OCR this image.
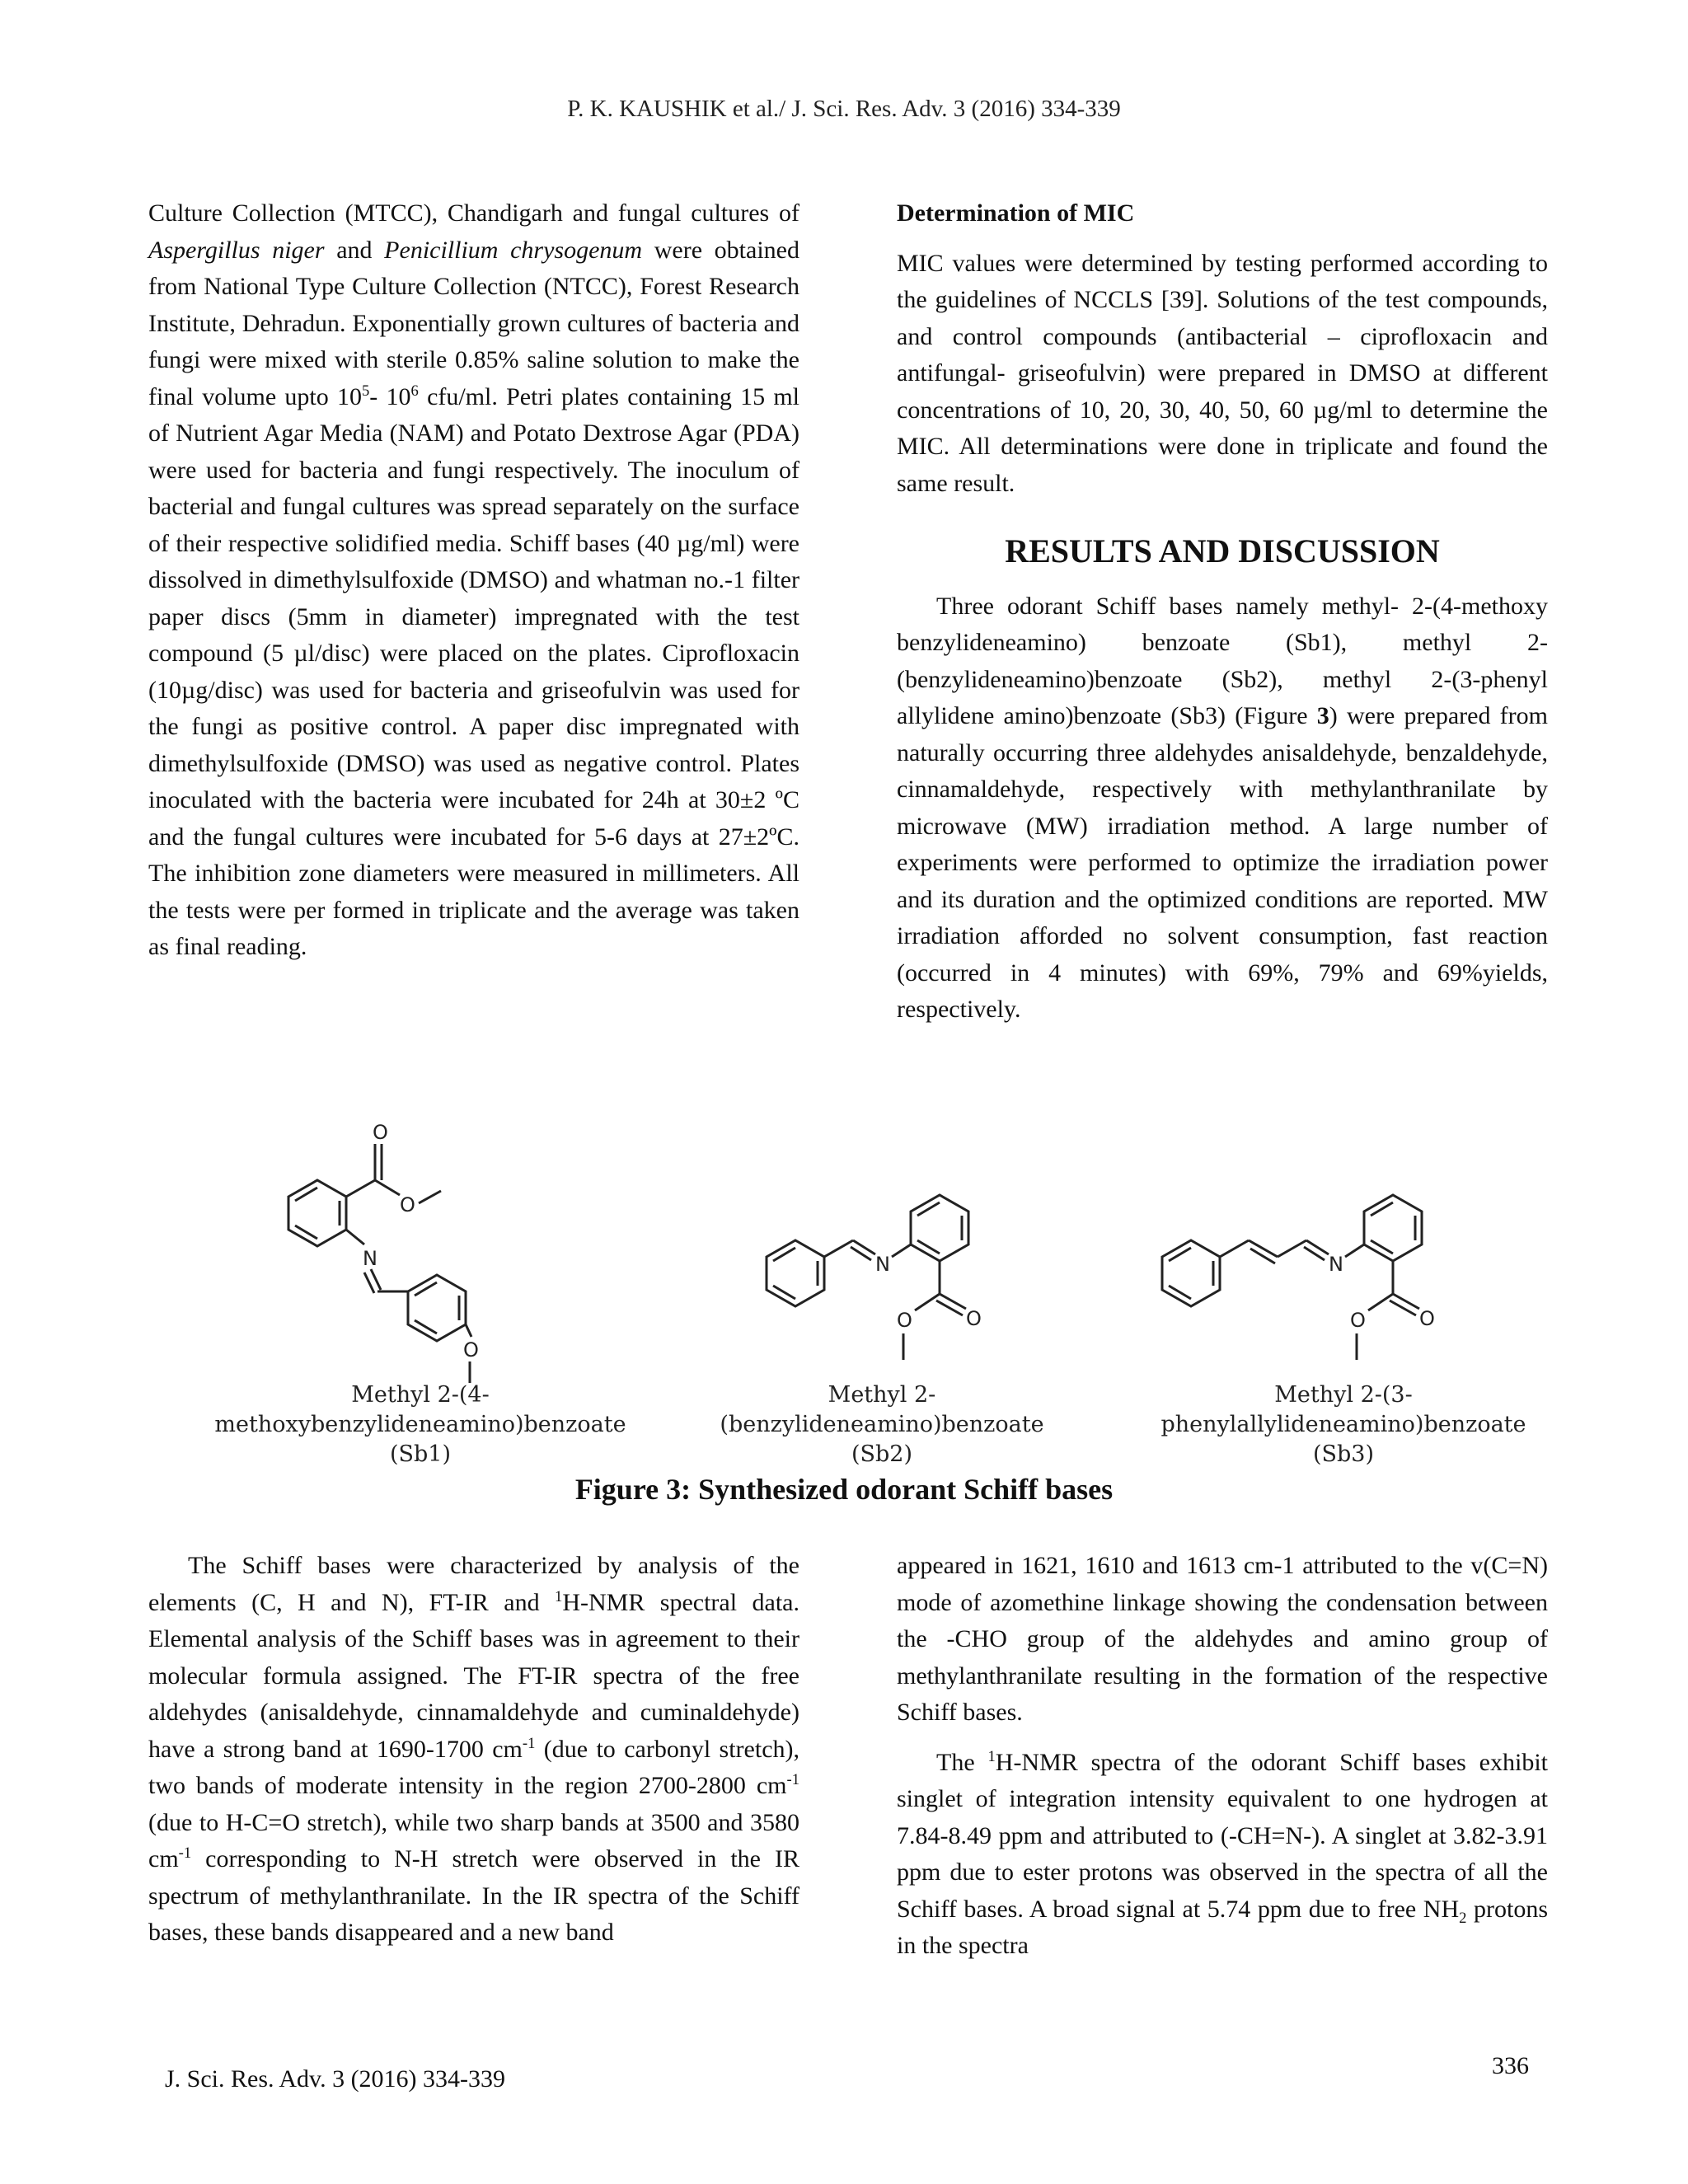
P. K. KAUSHIK et al./ J. Sci. Res. Adv. 3 (2016) 334-339

Culture Collection (MTCC), Chandigarh and fungal cultures of Aspergillus niger and Penicillium chrysogenum were obtained from National Type Culture Collection (NTCC), Forest Research Institute, Dehradun. Exponentially grown cultures of bacteria and fungi were mixed with sterile 0.85% saline solution to make the final volume upto $10^5-$ $10^6$ cfu/ml. Petri plates containing 15 ml of Nutrient Agar Media (NAM) and Potato Dextrose Agar (PDA) were used for bacteria and fungi respectively. The inoculum of bacterial and fungal cultures was spread separately on the surface of their respective solidified media. Schiff bases (40 µg/ml) were dissolved in dimethylsulfoxide (DMSO) and whatman no.-1 filter paper discs (5mm in diameter) impregnated with the test compound (5 µl/disc) were placed on the plates. Ciprofloxacin (10µg/disc) was used for bacteria and griseofulvin was used for the fungi as positive control. A paper disc impregnated with dimethylsulfoxide (DMSO) was used as negative control. Plates inoculated with the bacteria were incubated for 24h at 30±2 ºC and the fungal cultures were incubated for 5-6 days at 27±2ºC. The inhibition zone diameters were measured in millimeters. All the tests were per formed in triplicate and the average was taken as final reading.

Determination of MIC

MIC values were determined by testing performed according to the guidelines of NCCLS [39]. Solutions of the test compounds, and control compounds (antibacterial – ciprofloxacin and antifungal- griseofulvin) were prepared in DMSO at different concentrations of 10, 20, 30, 40, 50, 60 µg/ml to determine the MIC. All determinations were done in triplicate and found the same result.

RESULTS AND DISCUSSION

Three odorant Schiff bases namely methyl- 2-(4-methoxy benzylideneamino) benzoate (Sb1), methyl 2-(benzylideneamino)benzoate (Sb2), methyl 2-(3-phenyl allylidene amino)benzoate (Sb3) (Figure 3) were prepared from naturally occurring three aldehydes anisaldehyde, benzaldehyde, cinnamaldehyde, respectively with methylanthranilate by microwave (MW) irradiation method. A large number of experiments were performed to optimize the irradiation power and its duration and the optimized conditions are reported. MW irradiation afforded no solvent consumption, fast reaction (occurred in 4 minutes) with 69%, 79% and 69%yields, respectively.

O
O
N
O
Methyl 2-(4-methoxybenzylideneamino)benzoate
(Sb1)
N
O	O
Methyl 2-(benzylideneamino)benzoate
(Sb2)
N
O	O
Methyl 2-(3-phenylallylideneamino)benzoate
(Sb3)
Figure 3: Synthesized odorant Schiff bases

The Schiff bases were characterized by analysis of the elements (C, H and N), FT-IR and $^1$H-NMR spectral data. Elemental analysis of the Schiff bases was in agreement to their molecular formula assigned. The FT-IR spectra of the free aldehydes (anisaldehyde, cinnamaldehyde and cuminaldehyde) have a strong band at 1690-1700 $cm^{-1}$ (due to carbonyl stretch), two bands of moderate intensity in the region 2700-2800 $cm^{-1}$ (due to H-C=O stretch), while two sharp bands at 3500 and 3580 $cm^{-1}$ corresponding to N-H stretch were observed in the IR spectrum of methylanthranilate. In the IR spectra of the Schiff bases, these bands disappeared and a new band

appeared in 1621, 1610 and 1613 cm-1 attributed to the v(C=N) mode of azomethine linkage showing the condensation between the -CHO group of the aldehydes and amino group of methylanthranilate resulting in the formation of the respective Schiff bases.

The $^1$H-NMR spectra of the odorant Schiff bases exhibit singlet of integration intensity equivalent to one hydrogen at 7.84-8.49 ppm and attributed to (-CH=N-). A singlet at 3.82-3.91 ppm due to ester protons was observed in the spectra of all the Schiff bases. A broad signal at 5.74 ppm due to free $NH_2$ protons in the spectra

J. Sci. Res. Adv. 3 (2016) 334-339	336
